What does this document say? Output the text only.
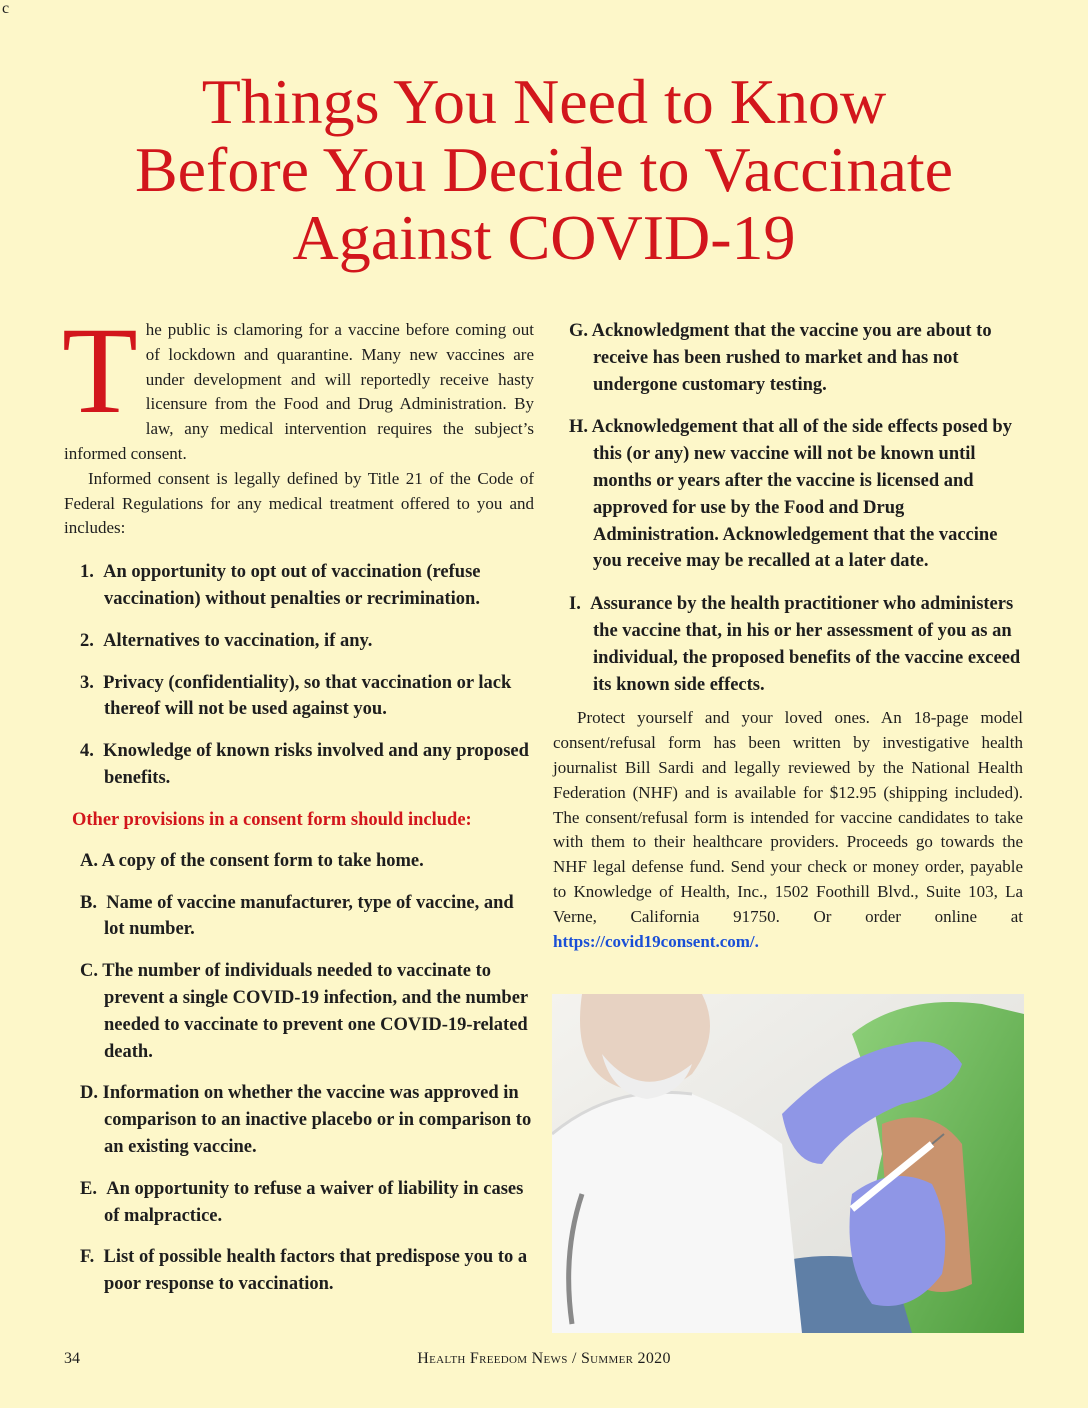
c
Things You Need to Know
Before You Decide to Vaccinate
Against COVID-19

The public is clamoring for a vaccine before coming out of lockdown and quarantine. Many new vaccines are under development and will reportedly receive hasty licensure from the Food and Drug Administration. By law, any medical intervention requires the subject’s informed consent.

Informed consent is legally defined by Title 21 of the Code of Federal Regulations for any medical treatment offered to you and includes:

1. An opportunity to opt out of vaccination (refuse vaccination) without penalties or recrimination.
2. Alternatives to vaccination, if any.
3. Privacy (confidentiality), so that vaccination or lack thereof will not be used against you.
4. Knowledge of known risks involved and any proposed benefits.
Other provisions in a consent form should include:
A. A copy of the consent form to take home.
B. Name of vaccine manufacturer, type of vaccine, and lot number.
C. The number of individuals needed to vaccinate to prevent a single COVID-19 infection, and the number needed to vaccinate to prevent one COVID-19-related death.
D. Information on whether the vaccine was approved in comparison to an inactive placebo or in comparison to an existing vaccine.
E. An opportunity to refuse a waiver of liability in cases of malpractice.
F. List of possible health factors that predispose you to a poor response to vaccination.
G. Acknowledgment that the vaccine you are about to receive has been rushed to market and has not undergone customary testing.
H. Acknowledgement that all of the side effects posed by this (or any) new vaccine will not be known until months or years after the vaccine is licensed and approved for use by the Food and Drug Administration. Acknowledgement that the vaccine you receive may be recalled at a later date.
I. Assurance by the health practitioner who administers the vaccine that, in his or her assessment of you as an individual, the proposed benefits of the vaccine exceed its known side effects.

Protect yourself and your loved ones. An 18-page model consent/refusal form has been written by investigative health journalist Bill Sardi and legally reviewed by the National Health Federation (NHF) and is available for $12.95 (shipping included). The consent/refusal form is intended for vaccine candidates to take with them to their healthcare providers. Proceeds go towards the NHF legal defense fund. Send your check or money order, payable to Knowledge of Health, Inc., 1502 Foothill Blvd., Suite 103, La Verne, California 91750. Or order online at https://covid19consent.com/.

34	Health Freedom News / Summer 2020
